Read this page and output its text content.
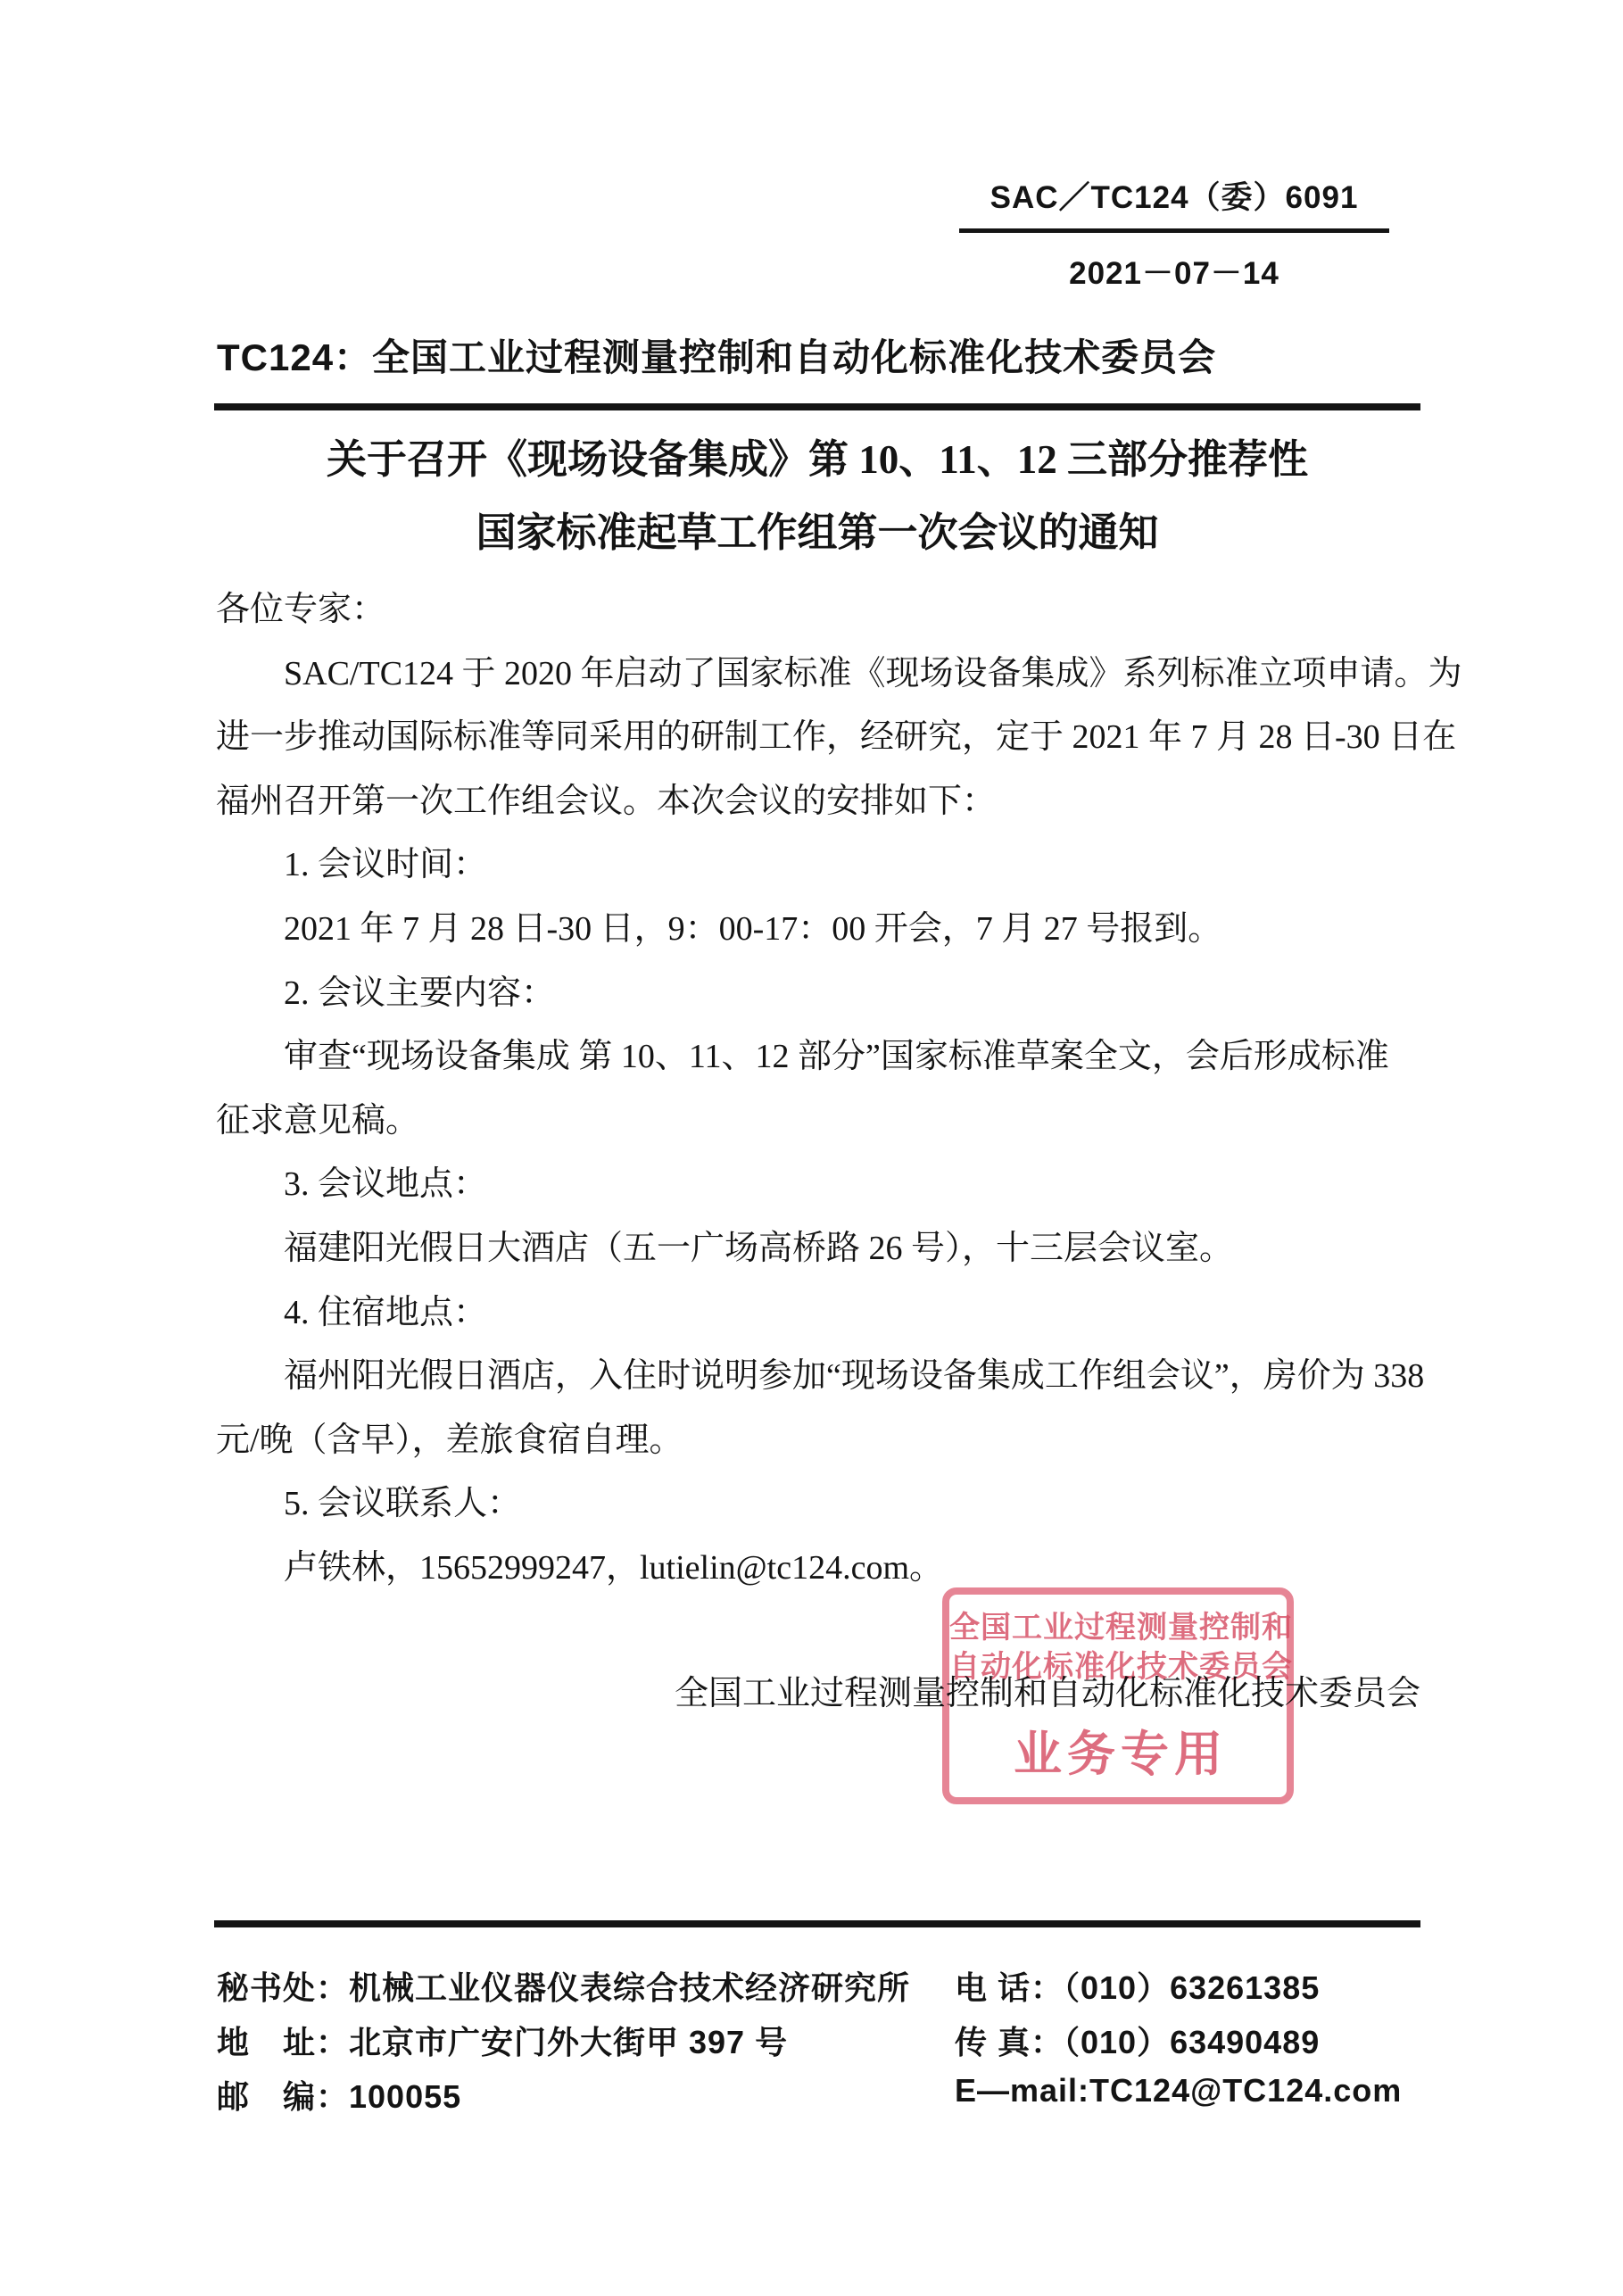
SAC／TC124（委）6091
2021－07－14
TC124：全国工业过程测量控制和自动化标准化技术委员会
关于召开《现场设备集成》第 10、11、12 三部分推荐性
国家标准起草工作组第一次会议的通知
各位专家：
SAC/TC124 于 2020 年启动了国家标准《现场设备集成》系列标准立项申请。为
进一步推动国际标准等同采用的研制工作，经研究，定于 2021 年 7 月 28 日-30 日在
福州召开第一次工作组会议。本次会议的安排如下：
1. 会议时间：
2021 年 7 月 28 日-30 日，9：00-17：00 开会，7 月 27 号报到。
2. 会议主要内容：
审查“现场设备集成 第 10、11、12 部分”国家标准草案全文，会后形成标准
征求意见稿。
3. 会议地点：
福建阳光假日大酒店（五一广场高桥路 26 号），十三层会议室。
4. 住宿地点：
福州阳光假日酒店，入住时说明参加“现场设备集成工作组会议”，房价为 338
元/晚（含早），差旅食宿自理。
5. 会议联系人：
卢铁林，15652999247，lutielin@tc124.com。
全国工业过程测量控制和自动化标准化技术委员会
全国工业过程测量控制和
自动化标准化技术委员会
业务专用
秘书处：机械工业仪器仪表综合技术经济研究所
地　址：北京市广安门外大街甲 397 号
邮　编：100055
电 话：（010）63261385
传 真：（010）63490489
E—mail:TC124@TC124.com
